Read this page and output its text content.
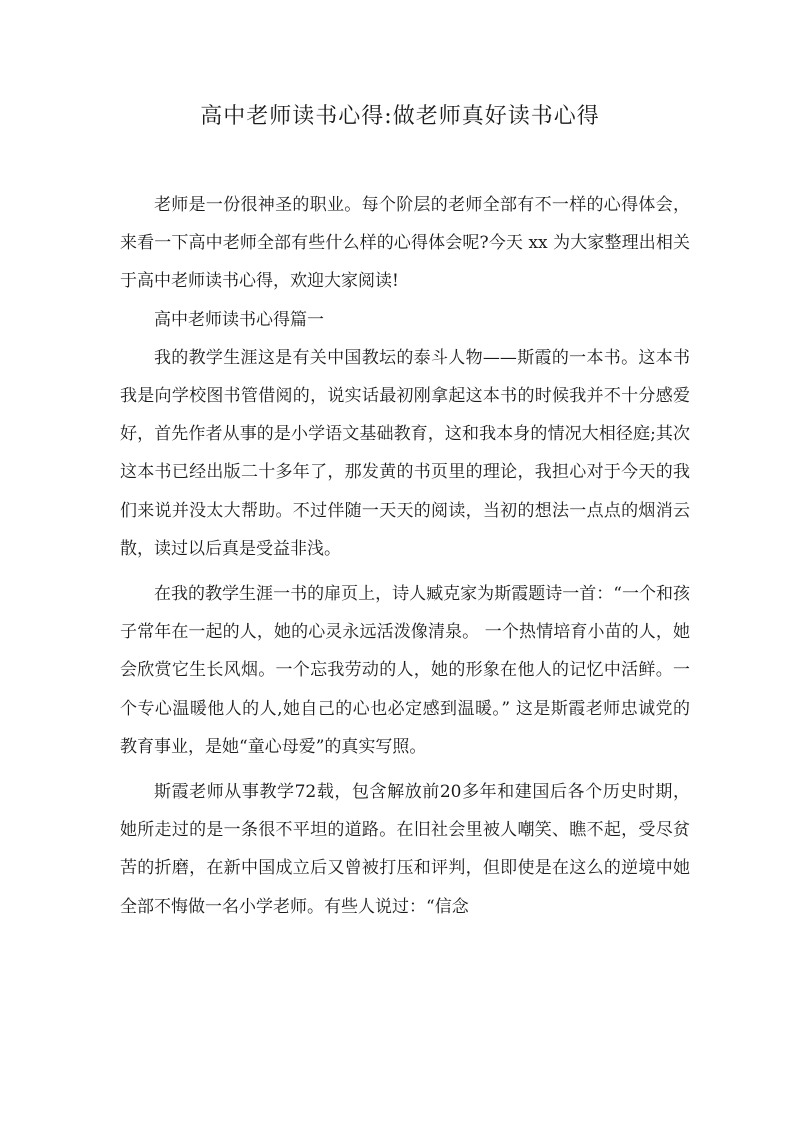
高中老师读书心得:做老师真好读书心得

老师是一份很神圣的职业。每个阶层的老师全部有不一样的心得体会，来看一下高中老师全部有些什么样的心得体会呢?今天 xx 为大家整理出相关于高中老师读书心得，欢迎大家阅读!

高中老师读书心得篇一

我的教学生涯这是有关中国教坛的泰斗人物——斯霞的一本书。这本书我是向学校图书管借阅的，说实话最初刚拿起这本书的时候我并不十分感爱好，首先作者从事的是小学语文基础教育，这和我本身的情况大相径庭;其次这本书已经出版二十多年了，那发黄的书页里的理论，我担心对于今天的我们来说并没太大帮助。不过伴随一天天的阅读，当初的想法一点点的烟消云散，读过以后真是受益非浅。

在我的教学生涯一书的扉页上，诗人臧克家为斯霞题诗一首：“一个和孩子常年在一起的人，她的心灵永远活泼像清泉。 一个热情培育小苗的人，她会欣赏它生长风烟。一个忘我劳动的人，她的形象在他人的记忆中活鲜。一个专心温暖他人的人,她自己的心也必定感到温暖。” 这是斯霞老师忠诚党的教育事业，是她“童心母爱”的真实写照。

斯霞老师从事教学72载，包含解放前20多年和建国后各个历史时期，她所走过的是一条很不平坦的道路。在旧社会里被人嘲笑、瞧不起，受尽贫苦的折磨，在新中国成立后又曾被打压和评判，但即使是在这么的逆境中她全部不悔做一名小学老师。有些人说过：“信念
